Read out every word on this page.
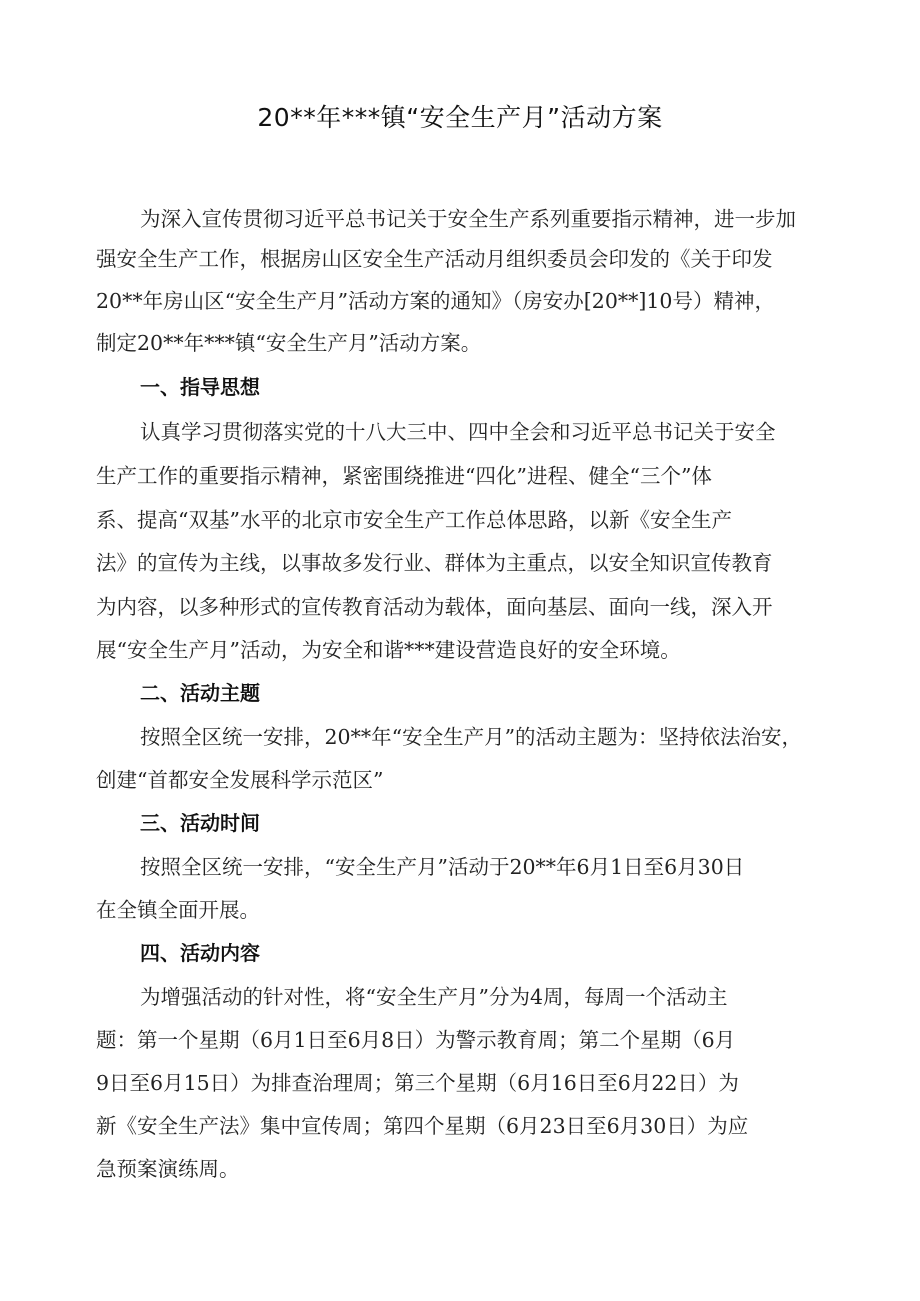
20**年***镇“安全生产月”活动方案
为深入宣传贯彻习近平总书记关于安全生产系列重要指示精神，进一步加
强安全生产工作，根据房山区安全生产活动月组织委员会印发的《关于印发
20**年房山区“安全生产月”活动方案的通知》（房安办[20**]10号）精神，
制定20**年***镇“安全生产月”活动方案。
一、指导思想
认真学习贯彻落实党的十八大三中、四中全会和习近平总书记关于安全
生产工作的重要指示精神，紧密围绕推进“四化”进程、健全“三个”体
系、提高“双基”水平的北京市安全生产工作总体思路，以新《安全生产
法》的宣传为主线，以事故多发行业、群体为主重点，以安全知识宣传教育
为内容，以多种形式的宣传教育活动为载体，面向基层、面向一线，深入开
展“安全生产月”活动，为安全和谐***建设营造良好的安全环境。
二、活动主题
按照全区统一安排，20**年“安全生产月”的活动主题为：坚持依法治安，
创建“首都安全发展科学示范区”
三、活动时间
按照全区统一安排，“安全生产月”活动于20**年6月1日至6月30日
在全镇全面开展。
四、活动内容
为增强活动的针对性，将“安全生产月”分为4周，每周一个活动主
题：第一个星期（6月1日至6月8日）为警示教育周；第二个星期（6月
9日至6月15日）为排查治理周；第三个星期（6月16日至6月22日）为
新《安全生产法》集中宣传周；第四个星期（6月23日至6月30日）为应
急预案演练周。
